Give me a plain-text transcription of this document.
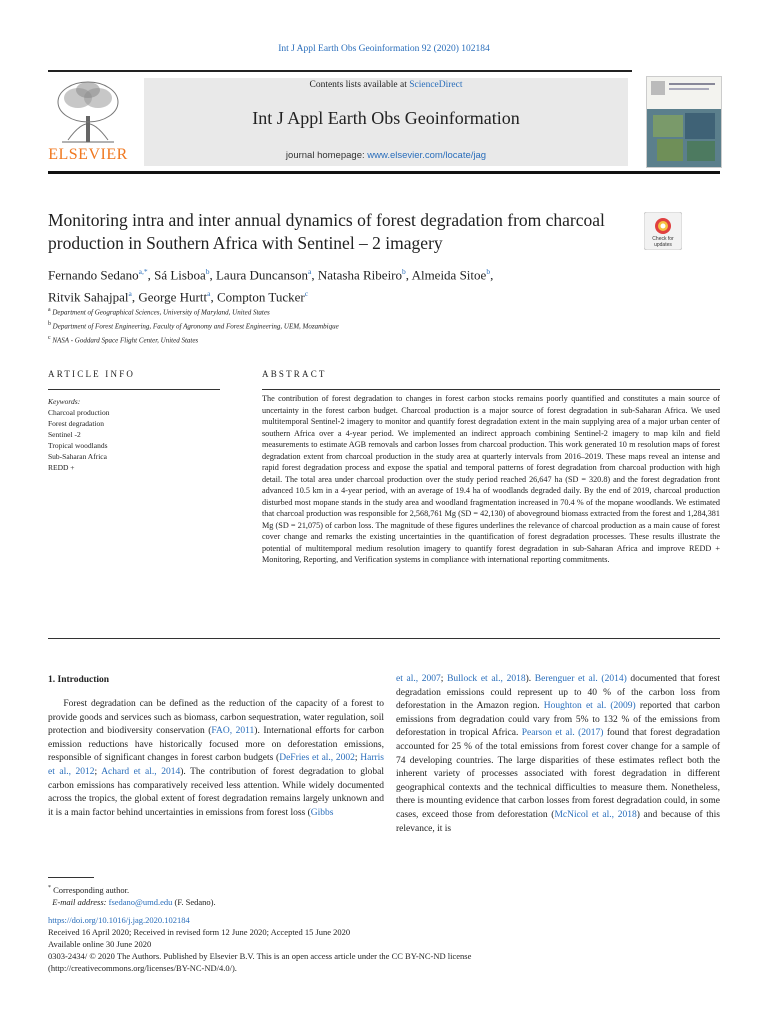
Int J Appl Earth Obs Geoinformation 92 (2020) 102184
ELSEVIER
Contents lists available at ScienceDirect
Int J Appl Earth Obs Geoinformation
journal homepage: www.elsevier.com/locate/jag
Monitoring intra and inter annual dynamics of forest degradation from charcoal production in Southern Africa with Sentinel – 2 imagery	Check for updates
Fernando Sedano$^{a,*}$, Sá Lisboa$^b$, Laura Duncanson$^a$, Natasha Ribeiro$^b$, Almeida Sitoe$^b$,
Ritvik Sahajpal$^a$, George Hurtt$^a$, Compton Tucker$^c$
$^a$ Department of Geographical Sciences, University of Maryland, United States
$^b$ Department of Forest Engineering, Faculty of Agronomy and Forest Engineering, UEM, Mozambique
$^c$ NASA - Goddard Space Flight Center, United States
ARTICLE INFO	ABSTRACT
Keywords:
Charcoal production
Forest degradation
Sentinel -2
Tropical woodlands
Sub-Saharan Africa
REDD +
The contribution of forest degradation to changes in forest carbon stocks remains poorly quantified and constitutes a main source of uncertainty in the forest carbon budget. Charcoal production is a major source of forest degradation in sub-Saharan Africa. We used multitemporal Sentinel-2 imagery to monitor and quantify forest degradation extent in the main supplying area of a major urban center of southern Africa over a 4-year period. We implemented an indirect approach combining Sentinel-2 imagery to map kiln and field measurements to estimate AGB removals and carbon losses from charcoal production. This work generated 10 m resolution maps of forest degradation extent from charcoal production in the study area at quarterly intervals from 2016–2019. These maps reveal an intense and rapid forest degradation process and expose the spatial and temporal patterns of forest degradation from charcoal production with high detail. The total area under charcoal production over the study period reached 26,647 ha (SD = 320.8) and the forest degradation front advanced 10.5 km in a 4-year period, with an average of 19.4 ha of woodlands degraded daily. By the end of 2019, charcoal production disturbed most mopane stands in the study area and woodland fragmentation increased in 70.4 % of the mopane woodlands. We estimated that charcoal production was responsible for 2,568,761 Mg (SD = 42,130) of aboveground biomass extracted from the forest and 1,284,381 Mg (SD = 21,075) of carbon loss. The magnitude of these figures underlines the relevance of charcoal production as a main cause of forest cover change and remarks the existing uncertainties in the quantification of forest degradation processes. These results illustrate the potential of multitemporal medium resolution imagery to quantify forest degradation in sub-Saharan Africa and improve REDD + Monitoring, Reporting, and Verification systems in compliance with international reporting commitments.
1. Introduction
Forest degradation can be defined as the reduction of the capacity of a forest to provide goods and services such as biomass, carbon sequestration, water regulation, soil protection and biodiversity conservation (FAO, 2011). International efforts for carbon emission reductions have historically focused more on deforestation emissions, responsible of significant changes in forest carbon budgets (DeFries et al., 2002; Harris et al., 2012; Achard et al., 2014). The contribution of forest degradation to global carbon emissions has comparatively received less attention. While widely documented across the tropics, the global extent of forest degradation remains largely unknown and it is a main factor behind uncertainties in emissions from forest loss (Gibbs
et al., 2007; Bullock et al., 2018). Berenguer et al. (2014) documented that forest degradation emissions could represent up to 40 % of the carbon loss from deforestation in the Amazon region. Houghton et al. (2009) reported that carbon emissions from degradation could vary from 5% to 132 % of the emissions from deforestation in tropical Africa. Pearson et al. (2017) found that forest degradation accounted for 25 % of the total emissions from forest cover change for a sample of 74 developing countries. The large disparities of these estimates reflect both the inherent variety of processes associated with forest degradation in different geographical contexts and the technical difficulties to measure them. Nonetheless, there is mounting evidence that carbon losses from forest degradation could, in some cases, exceed those from deforestation (McNicol et al., 2018) and because of this relevance, it is
* Corresponding author.
E-mail address: fsedano@umd.edu (F. Sedano).
https://doi.org/10.1016/j.jag.2020.102184
Received 16 April 2020; Received in revised form 12 June 2020; Accepted 15 June 2020
Available online 30 June 2020
0303-2434/ © 2020 The Authors. Published by Elsevier B.V. This is an open access article under the CC BY-NC-ND license
(http://creativecommons.org/licenses/BY-NC-ND/4.0/).
